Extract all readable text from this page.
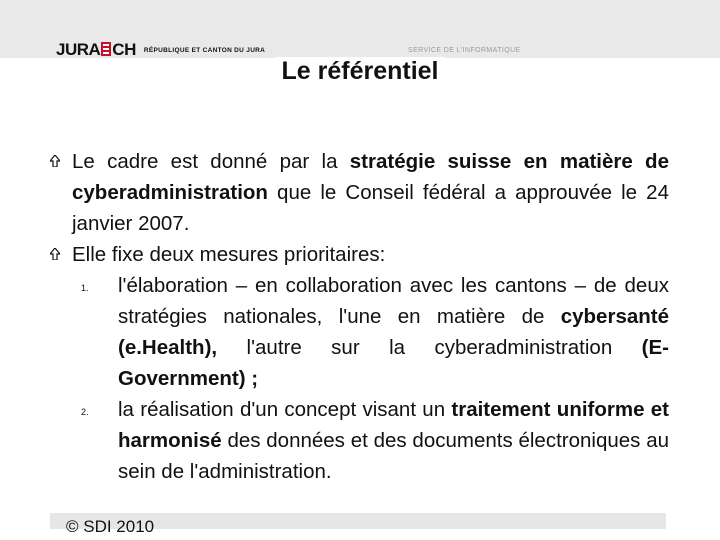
JURA CH RÉPUBLIQUE ET CANTON DU JURA	SERVICE DE L'INFORMATIQUE
Le référentiel
Le cadre est donné par la stratégie suisse en matière de cyberadministration que le Conseil fédéral a approuvée le 24 janvier 2007.
Elle fixe deux mesures prioritaires:
1. l'élaboration – en collaboration avec les cantons – de deux stratégies nationales, l'une en matière de cybersanté (e.Health), l'autre sur la cyberadministration (E-Government) ;
2. la réalisation d'un concept visant un traitement uniforme et harmonisé des données et des documents électroniques au sein de l'administration.
© SDI 2010
